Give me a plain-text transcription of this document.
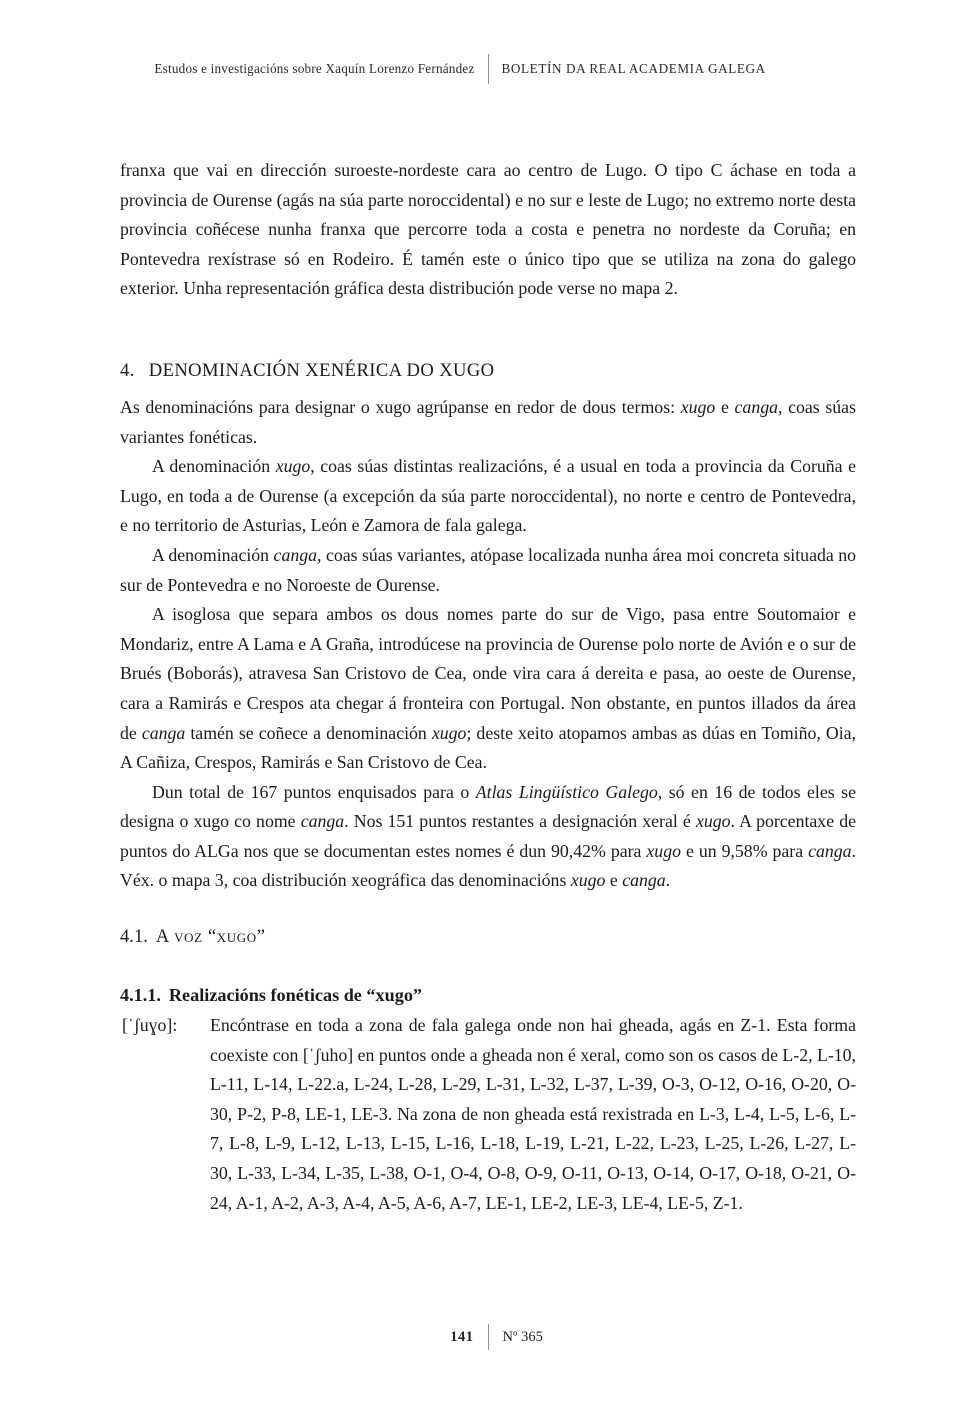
Estudos e investigacións sobre Xaquín Lorenzo Fernández	BOLETÍN DA REAL ACADEMIA GALEGA

franxa que vai en dirección suroeste-nordeste cara ao centro de Lugo. O tipo C áchase en toda a provincia de Ourense (agás na súa parte noroccidental) e no sur e leste de Lugo; no extremo norte desta provincia coñécese nunha franxa que percorre toda a costa e penetra no nordeste da Coruña; en Pontevedra rexístrase só en Rodeiro. É tamén este o único tipo que se utiliza na zona do galego exterior. Unha representación gráfica desta distribución pode verse no mapa 2.

4. DENOMINACIÓN XENÉRICA DO XUGO

As denominacións para designar o xugo agrúpanse en redor de dous termos: xugo e canga, coas súas variantes fonéticas.

A denominación xugo, coas súas distintas realizacións, é a usual en toda a provincia da Coruña e Lugo, en toda a de Ourense (a excepción da súa parte noroccidental), no norte e centro de Pontevedra, e no territorio de Asturias, León e Zamora de fala galega.

A denominación canga, coas súas variantes, atópase localizada nunha área moi concreta situada no sur de Pontevedra e no Noroeste de Ourense.

A isoglosa que separa ambos os dous nomes parte do sur de Vigo, pasa entre Soutomaior e Mondariz, entre A Lama e A Graña, introdúcese na provincia de Ourense polo norte de Avión e o sur de Brués (Boborás), atravesa San Cristovo de Cea, onde vira cara á dereita e pasa, ao oeste de Ourense, cara a Ramirás e Crespos ata chegar á fronteira con Portugal. Non obstante, en puntos illados da área de canga tamén se coñece a denominación xugo; deste xeito atopamos ambas as dúas en Tomiño, Oia, A Cañiza, Crespos, Ramirás e San Cristovo de Cea.

Dun total de 167 puntos enquisados para o Atlas Lingüístico Galego, só en 16 de todos eles se designa o xugo co nome canga. Nos 151 puntos restantes a designación xeral é xugo. A porcentaxe de puntos do ALGa nos que se documentan estes nomes é dun 90,42% para xugo e un 9,58% para canga. Véx. o mapa 3, coa distribución xeográfica das denominacións xugo e canga.

4.1. A voz “xugo”
4.1.1. Realizacións fonéticas de “xugo”
[ˈʃuɣo]:	Encóntrase en toda a zona de fala galega onde non hai gheada, agás en Z-1. Esta forma coexiste con [ˈʃuho] en puntos onde a gheada non é xeral, como son os casos de L-2, L-10, L-11, L-14, L-22.a, L-24, L-28, L-29, L-31, L-32, L-37, L-39, O-3, O-12, O-16, O-20, O-30, P-2, P-8, LE-1, LE-3. Na zona de non gheada está rexistrada en L-3, L-4, L-5, L-6, L-7, L-8, L-9, L-12, L-13, L-15, L-16, L-18, L-19, L-21, L-22, L-23, L-25, L-26, L-27, L-30, L-33, L-34, L-35, L-38, O-1, O-4, O-8, O-9, O-11, O-13, O-14, O-17, O-18, O-21, O-24, A-1, A-2, A-3, A-4, A-5, A-6, A-7, LE-1, LE-2, LE-3, LE-4, LE-5, Z-1.
141	Nº 365
